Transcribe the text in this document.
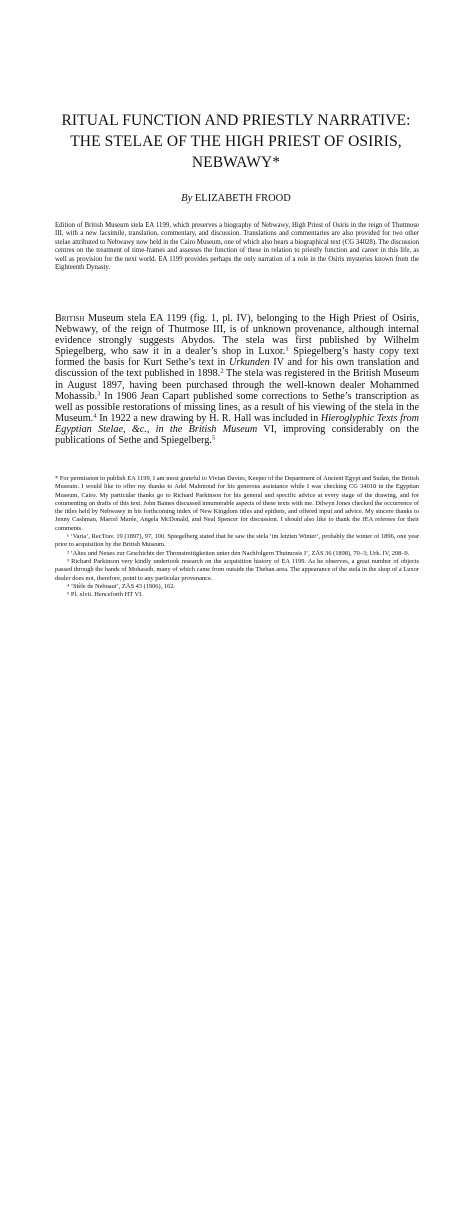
RITUAL FUNCTION AND PRIESTLY NARRATIVE:
THE STELAE OF THE HIGH PRIEST OF OSIRIS,
NEBWAWY*

By ELIZABETH FROOD

Edition of British Museum stela EA 1199, which preserves a biography of Nebwawy, High Priest of Osiris in the reign of Thutmose III, with a new facsimile, translation, commentary, and discussion. Translations and commentaries are also provided for two other stelae attributed to Nebwawy now held in the Cairo Museum, one of which also bears a biographical text (CG 34028). The discussion centres on the treatment of time-frames and assesses the function of these in relation to priestly function and career in this life, as well as provision for the next world. EA 1199 provides perhaps the only narration of a role in the Osiris mysteries known from the Eighteenth Dynasty.

British Museum stela EA 1199 (fig. 1, pl. IV), belonging to the High Priest of Osiris, Nebwawy, of the reign of Thutmose III, is of unknown provenance, although internal evidence strongly suggests Abydos. The stela was first published by Wilhelm Spiegelberg, who saw it in a dealer’s shop in Luxor.$^1$ Spiegelberg’s hasty copy text formed the basis for Kurt Sethe’s text in Urkunden IV and for his own translation and discussion of the text published in 1898.$^2$ The stela was registered in the British Museum in August 1897, having been purchased through the well-known dealer Mohammed Mohassib.$^3$ In 1906 Jean Capart published some corrections to Sethe’s transcription as well as possible restorations of missing lines, as a result of his viewing of the stela in the Museum.$^4$ In 1922 a new drawing by H. R. Hall was included in Hieroglyphic Texts from Egyptian Stelae, &c., in the British Museum VI, improving considerably on the publications of Sethe and Spiegelberg.$^5$

* For permission to publish EA 1199, I am most grateful to Vivian Davies, Keeper of the Department of Ancient Egypt and Sudan, the British Museum. I would like to offer my thanks to Adel Mahmoud for his generous assistance while I was checking CG 34018 in the Egyptian Museum, Cairo. My particular thanks go to Richard Parkinson for his general and specific advice at every stage of the drawing, and for commenting on drafts of this text. John Baines discussed innumerable aspects of these texts with me. Dilwyn Jones checked the occurrence of the titles held by Nebwawy in his forthcoming index of New Kingdom titles and epithets, and offered input and advice. My sincere thanks to Jenny Cashman, Marcel Marée, Angela McDonald, and Neal Spencer for discussion. I should also like to thank the JEA referees for their comments.

¹ ‘Varia’, RecTrav. 19 (1897), 97, 100. Spiegelberg stated that he saw the stela ‘im letzten Winter’, probably the winter of 1896, one year prior to acquisition by the British Museum.

² ‘Altes und Neues zur Geschichte der Thronstreitigkeiten unter den Nachfolgern Thutmosis I’, ZÄS 36 (1898), 70–3; Urk. IV, 208–9.

³ Richard Parkinson very kindly undertook research on the acquisition history of EA 1199. As he observes, a great number of objects passed through the hands of Mohassib, many of which came from outside the Theban area. The appearance of the stela in the shop of a Luxor dealer does not, therefore, point to any particular provenance.

⁴ ‘Stèle de Nebuaui’, ZÄS 43 (1906), 162.

⁵ Pl. xlvii. Henceforth HT VI.
